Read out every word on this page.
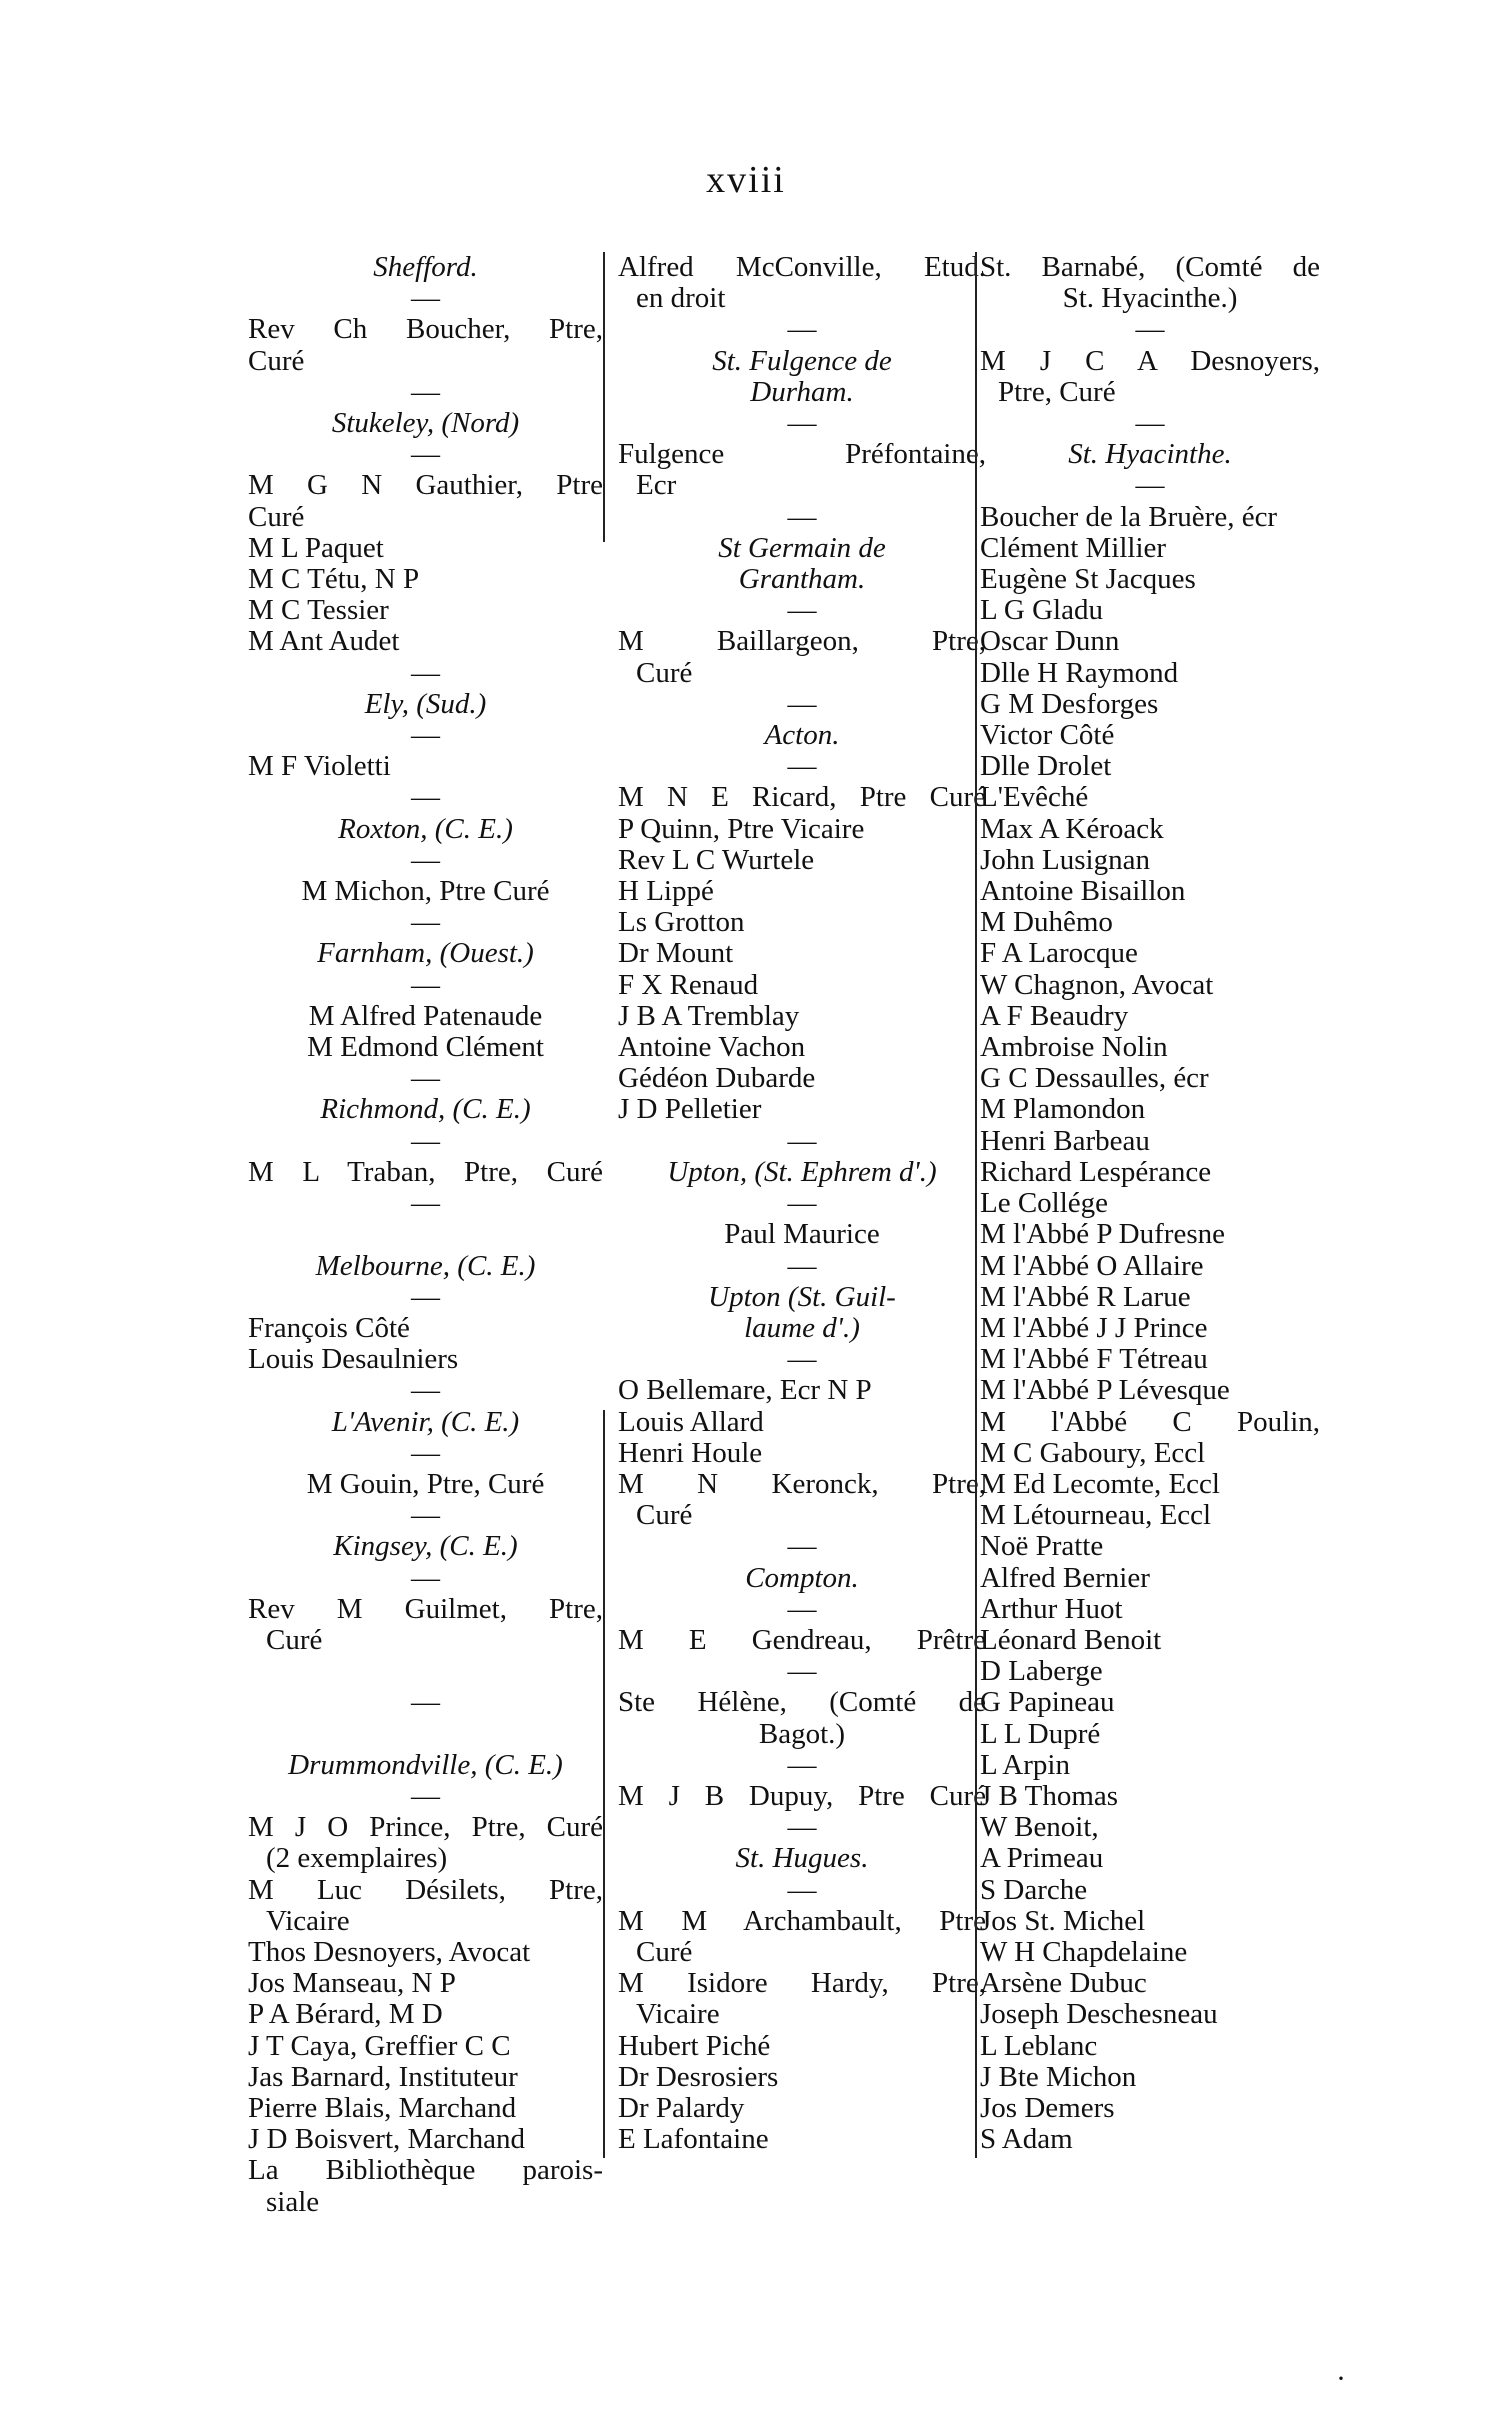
xviii
Shefford.
—
Rev Ch Boucher, Ptre,
Curé
—
Stukeley, (Nord)
—
M G N Gauthier, Ptre
Curé
M L Paquet
M C Tétu, N P
M C Tessier
M Ant Audet
—
Ely, (Sud.)
—
M F Violetti
—
Roxton, (C. E.)
—
M Michon, Ptre Curé
—
Farnham, (Ouest.)
—
M Alfred Patenaude
M Edmond Clément
—
Richmond, (C. E.)
—
M L Traban, Ptre, Curé
—

Melbourne, (C. E.)
—
François Côté
Louis Desaulniers
—
L'Avenir, (C. E.)
—
M Gouin, Ptre, Curé
—
Kingsey, (C. E.)
—
Rev M Guilmet, Ptre,
Curé

—

Drummondville, (C. E.)
—
M J O Prince, Ptre, Curé
(2 exemplaires)
M Luc Désilets, Ptre,
Vicaire
Thos Desnoyers, Avocat
Jos Manseau, N P
P A Bérard, M D
J T Caya, Greffier C C
Jas Barnard, Instituteur
Pierre Blais, Marchand
J D Boisvert, Marchand
La Bibliothèque parois-
siale
Alfred McConville, Etud.
en droit
—
St. Fulgence de
Durham.
—
Fulgence Préfontaine,
Ecr
—
St Germain de
Grantham.
—
M Baillargeon, Ptre,
Curé
—
Acton.
—
M N E Ricard, Ptre Curé
P Quinn, Ptre Vicaire
Rev L C Wurtele
H Lippé
Ls Grotton
Dr Mount
F X Renaud
J B A Tremblay
Antoine Vachon
Gédéon Dubarde
J D Pelletier
—
Upton, (St. Ephrem d'.)
—
Paul Maurice
—
Upton (St. Guil-
laume d'.)
—
O Bellemare, Ecr N P
Louis Allard
Henri Houle
M N Keronck, Ptre,
Curé
—
Compton.
—
M E Gendreau, Prêtre
—
Ste Hélène, (Comté de
Bagot.)
—
M J B Dupuy, Ptre Curé
—
St. Hugues.
—
M M Archambault, Ptre
Curé
M Isidore Hardy, Ptre,
Vicaire
Hubert Piché
Dr Desrosiers
Dr Palardy
E Lafontaine
St. Barnabé, (Comté de
St. Hyacinthe.)
—
M J C A Desnoyers,
Ptre, Curé
—
St. Hyacinthe.
—
Boucher de la Bruère, écr
Clément Millier
Eugène St Jacques
L G Gladu
Oscar Dunn
Dlle H Raymond
G M Desforges
Victor Côté
Dlle Drolet
L'Evêché
Max A Kéroack
John Lusignan
Antoine Bisaillon
M Duhêmo
F A Larocque
W Chagnon, Avocat
A F Beaudry
Ambroise Nolin
G C Dessaulles, écr
M Plamondon
Henri Barbeau
Richard Lespérance
Le Collége
M l'Abbé P Dufresne
M l'Abbé O Allaire
M l'Abbé R Larue
M l'Abbé J J Prince
M l'Abbé F Tétreau
M l'Abbé P Lévesque
M l'Abbé C Poulin,
M C Gaboury, Eccl
M Ed Lecomte, Eccl
M Létourneau, Eccl
Noë Pratte
Alfred Bernier
Arthur Huot
Léonard Benoit
D Laberge
G Papineau
L L Dupré
L Arpin
J B Thomas
W Benoit,
A Primeau
S Darche
Jos St. Michel
W H Chapdelaine
Arsène Dubuc
Joseph Deschesneau
L Leblanc
J Bte Michon
Jos Demers
S Adam
·
